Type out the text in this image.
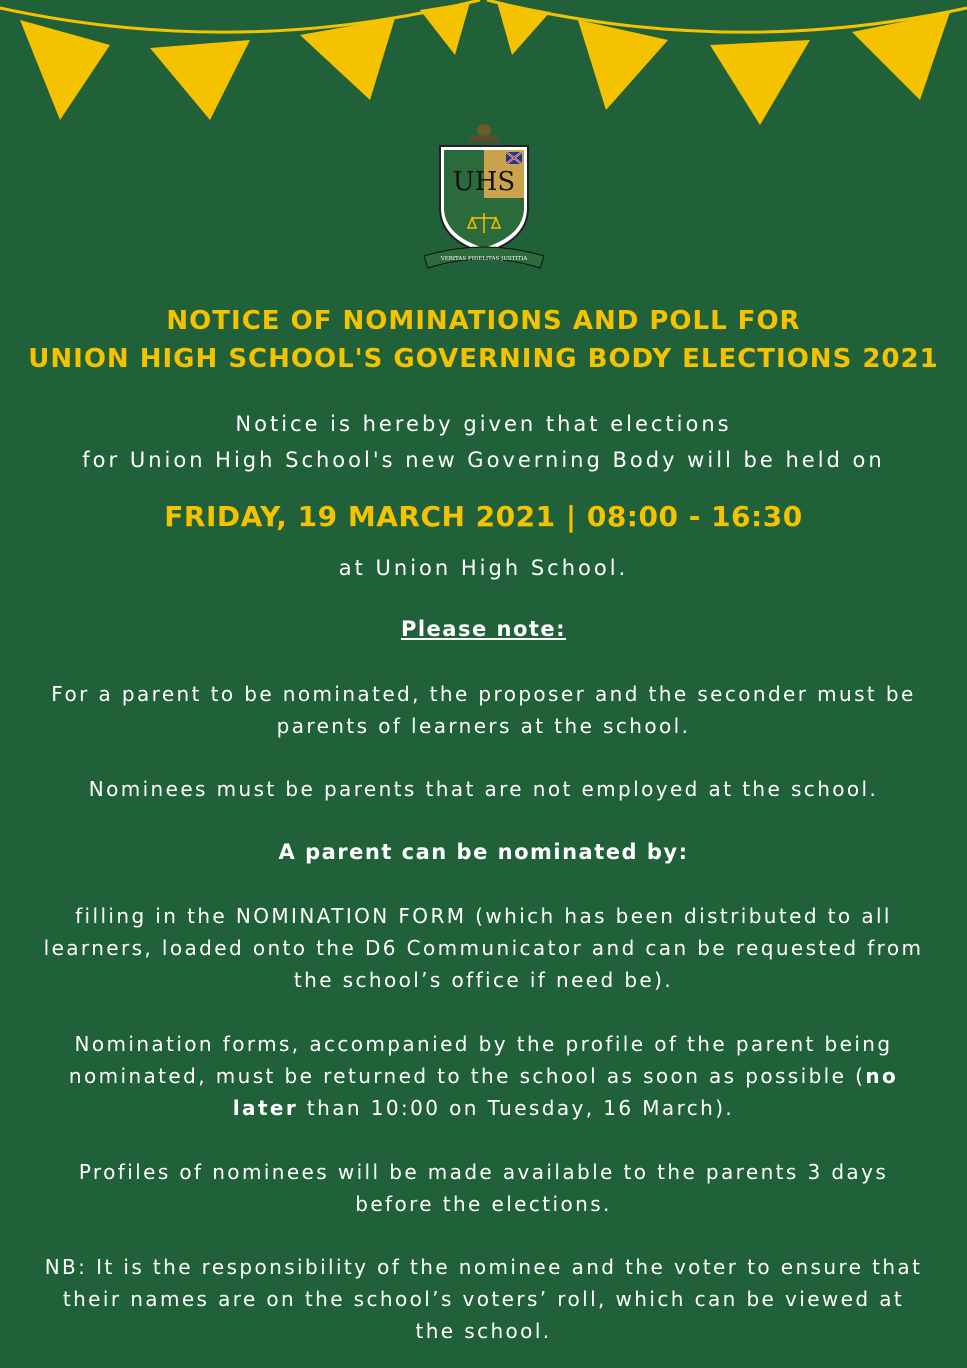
UHS
VERITAS FIDELITAS JUSTITIA
NOTICE OF NOMINATIONS AND POLL FOR
UNION HIGH SCHOOL'S GOVERNING BODY ELECTIONS 2021

Notice is hereby given that elections

for Union High School's new Governing Body will be held on

FRIDAY, 19 MARCH 2021 | 08:00 - 16:30

at Union High School.

Please note:

For a parent to be nominated, the proposer and the seconder must be parents of learners at the school.

Nominees must be parents that are not employed at the school.

A parent can be nominated by:

filling in the NOMINATION FORM (which has been distributed to all learners, loaded onto the D6 Communicator and can be requested from the school’s office if need be).

Nomination forms, accompanied by the profile of the parent being nominated, must be returned to the school as soon as possible (no later than 10:00 on Tuesday, 16 March).

Profiles of nominees will be made available to the parents 3 days before the elections.

NB: It is the responsibility of the nominee and the voter to ensure that their names are on the school’s voters’ roll, which can be viewed at the school.
